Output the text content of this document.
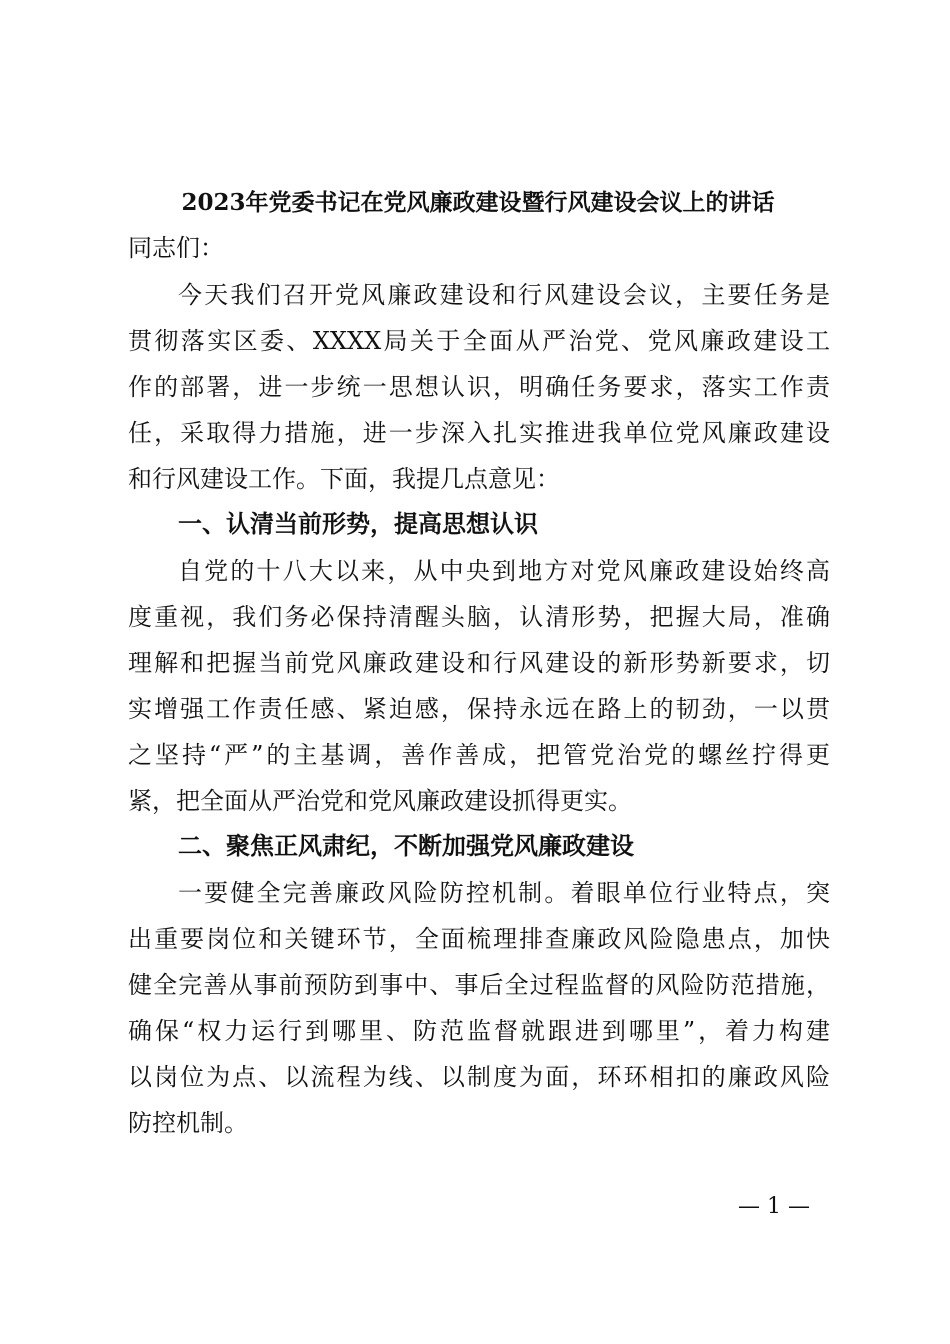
2023年党委书记在党风廉政建设暨行风建设会议上的讲话
同志们：
今天我们召开党风廉政建设和行风建设会议，主要任务是
贯彻落实区委、XXXX局关于全面从严治党、党风廉政建设工
作的部署，进一步统一思想认识，明确任务要求，落实工作责
任，采取得力措施，进一步深入扎实推进我单位党风廉政建设
和行风建设工作。下面，我提几点意见：
一、认清当前形势，提高思想认识
自党的十八大以来，从中央到地方对党风廉政建设始终高
度重视，我们务必保持清醒头脑，认清形势，把握大局，准确
理解和把握当前党风廉政建设和行风建设的新形势新要求，切
实增强工作责任感、紧迫感，保持永远在路上的韧劲，一以贯
之坚持“严”的主基调，善作善成，把管党治党的螺丝拧得更
紧，把全面从严治党和党风廉政建设抓得更实。
二、聚焦正风肃纪，不断加强党风廉政建设
一要健全完善廉政风险防控机制。着眼单位行业特点，突
出重要岗位和关键环节，全面梳理排查廉政风险隐患点，加快
健全完善从事前预防到事中、事后全过程监督的风险防范措施，
确保“权力运行到哪里、防范监督就跟进到哪里”，着力构建
以岗位为点、以流程为线、以制度为面，环环相扣的廉政风险
防控机制。
— 1 —
